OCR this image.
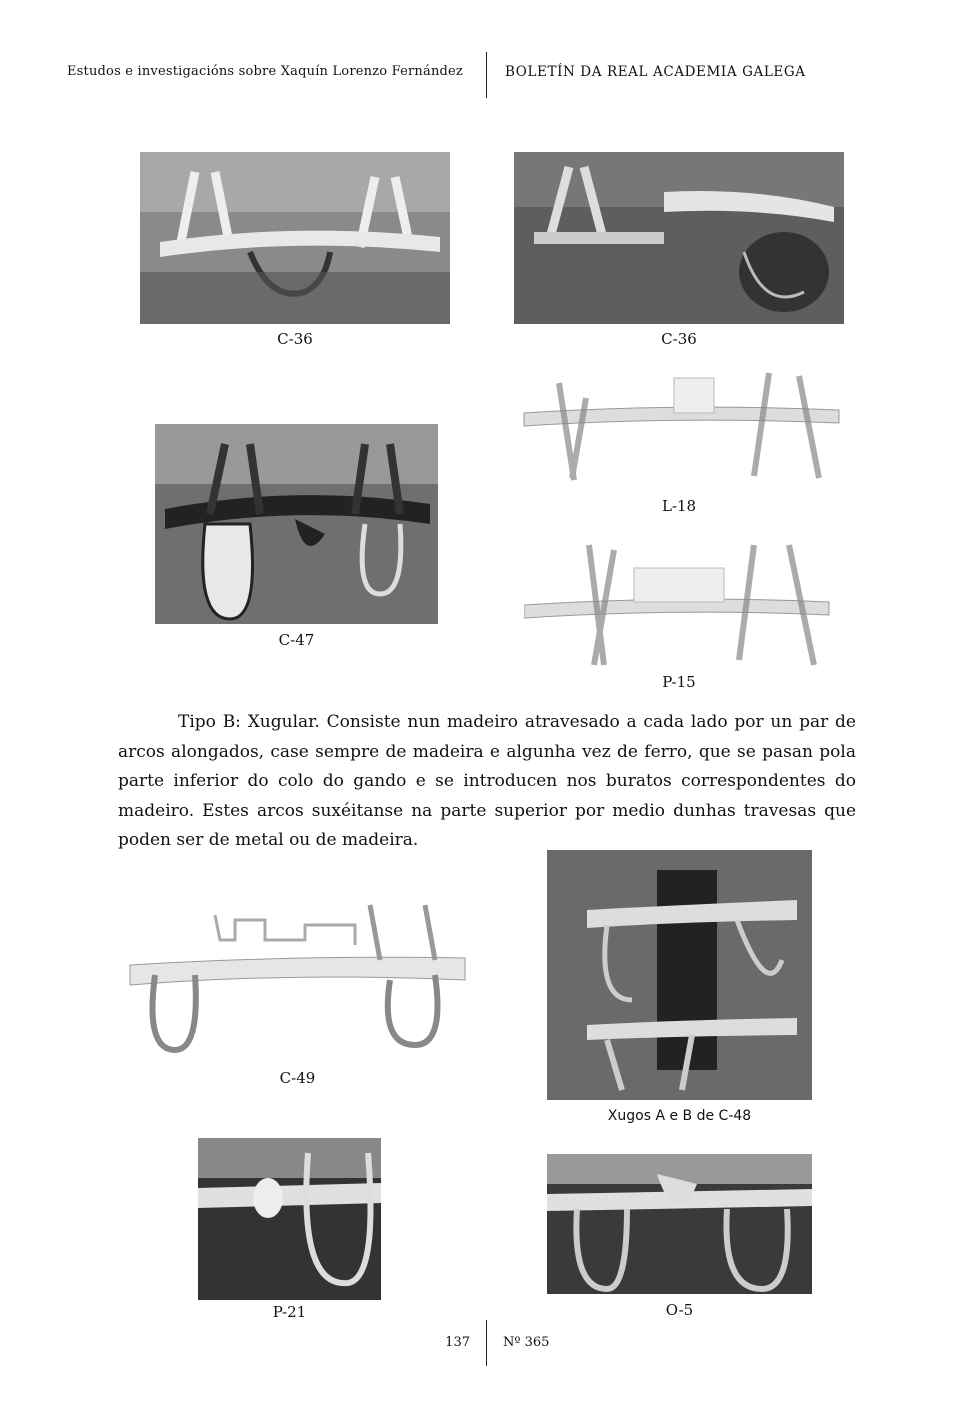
Estudos e investigacións sobre Xaquín Lorenzo Fernández	BOLETÍN DA REAL ACADEMIA GALEGA
C-36	C-36
C-47
L-18
P-15
Tipo B: Xugular. Consiste nun madeiro atravesado a cada lado por un par de arcos alongados, case sempre de madeira e algunha vez de ferro, que se pasan pola parte inferior do colo do gando e se introducen nos buratos correspondentes do madeiro. Estes arcos suxéitanse na parte superior por medio dunhas travesas que poden ser de metal ou de madeira.
C-49
Xugos A e B de C-48
P-21	O-5
137	Nº 365
